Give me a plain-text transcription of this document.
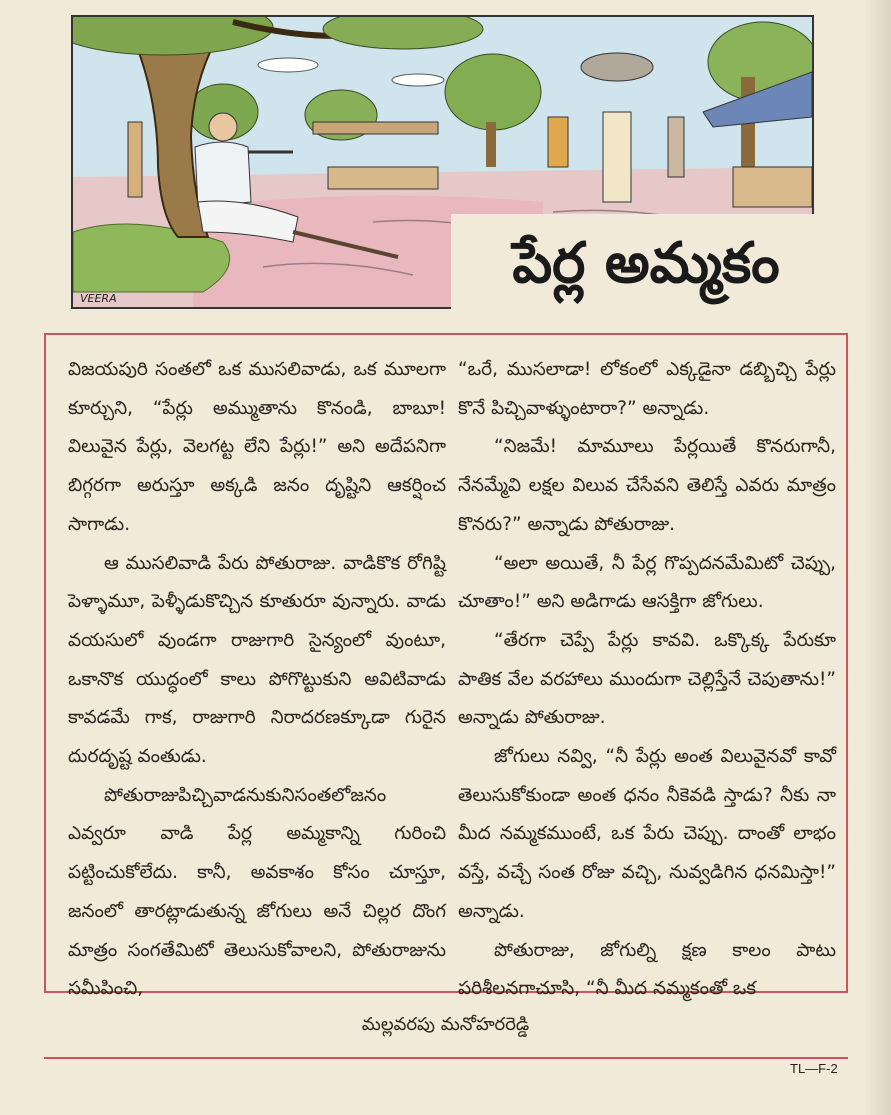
పేర్ల అమ్మకం
VEERA

విజయపురి సంతలో ఒక ముసలివాడు, ఒక మూలగా కూర్చుని, “పేర్లు అమ్ముతాను కొనండి, బాబూ! విలువైన పేర్లు, వెలగట్ట లేని పేర్లు!” అని అదేపనిగా బిగ్గరగా అరుస్తూ అక్కడి జనం దృష్టిని ఆకర్షించ సాగాడు.

ఆ ముసలివాడి పేరు పోతురాజు. వాడికొక రోగిష్టి పెళ్ళామూ, పెళ్ళీడుకొచ్చిన కూతురూ వున్నారు. వాడు వయసులో వుండగా రాజుగారి సైన్యంలో వుంటూ, ఒకానొక యుద్ధంలో కాలు పోగొట్టుకుని అవిటివాడు కావడమే గాక, రాజుగారి నిరాదరణక్కూడా గురైన దురదృష్ట వంతుడు.

పోతురాజుపిచ్చివాడనుకునిసంతలోజనం ఎవ్వరూ వాడి పేర్ల అమ్మకాన్ని గురించి పట్టించుకోలేదు. కానీ, అవకాశం కోసం చూస్తూ, జనంలో తారట్లాడుతున్న జోగులు అనే చిల్లర దొంగ మాత్రం సంగతేమిటో తెలుసుకోవాలని, పోతురాజును సమీపించి,

“ఒరే, ముసలాడా! లోకంలో ఎక్కడైనా డబ్బిచ్చి పేర్లు కొనే పిచ్చివాళ్ళుంటారా?” అన్నాడు.

“నిజమే! మామూలు పేర్లయితే కొనరుగానీ, నేనమ్మేవి లక్షల విలువ చేసేవని తెలిస్తే ఎవరు మాత్రం కొనరు?” అన్నాడు పోతురాజు.

“అలా అయితే, నీ పేర్ల గొప్పదనమేమిటో చెప్పు, చూతాం!” అని అడిగాడు ఆసక్తిగా జోగులు.

“తేరగా చెప్పే పేర్లు కావవి. ఒక్కొక్క పేరుకూ పాతిక వేల వరహాలు ముందుగా చెల్లిస్తేనే చెపుతాను!” అన్నాడు పోతురాజు.

జోగులు నవ్వి, “నీ పేర్లు అంత విలువైనవో కావో తెలుసుకోకుండా అంత ధనం నీకెవడి స్తాడు? నీకు నా మీద నమ్మకముంటే, ఒక పేరు చెప్పు. దాంతో లాభం వస్తే, వచ్చే సంత రోజు వచ్చి, నువ్వడిగిన ధనమిస్తా!” అన్నాడు.

పోతురాజు, జోగుల్ని క్షణ కాలం పాటు పరిశీలనగాచూసి, “నీ మీద నమ్మకంతో ఒక

మల్లవరపు మనోహరరెడ్డి
TL—F-2
